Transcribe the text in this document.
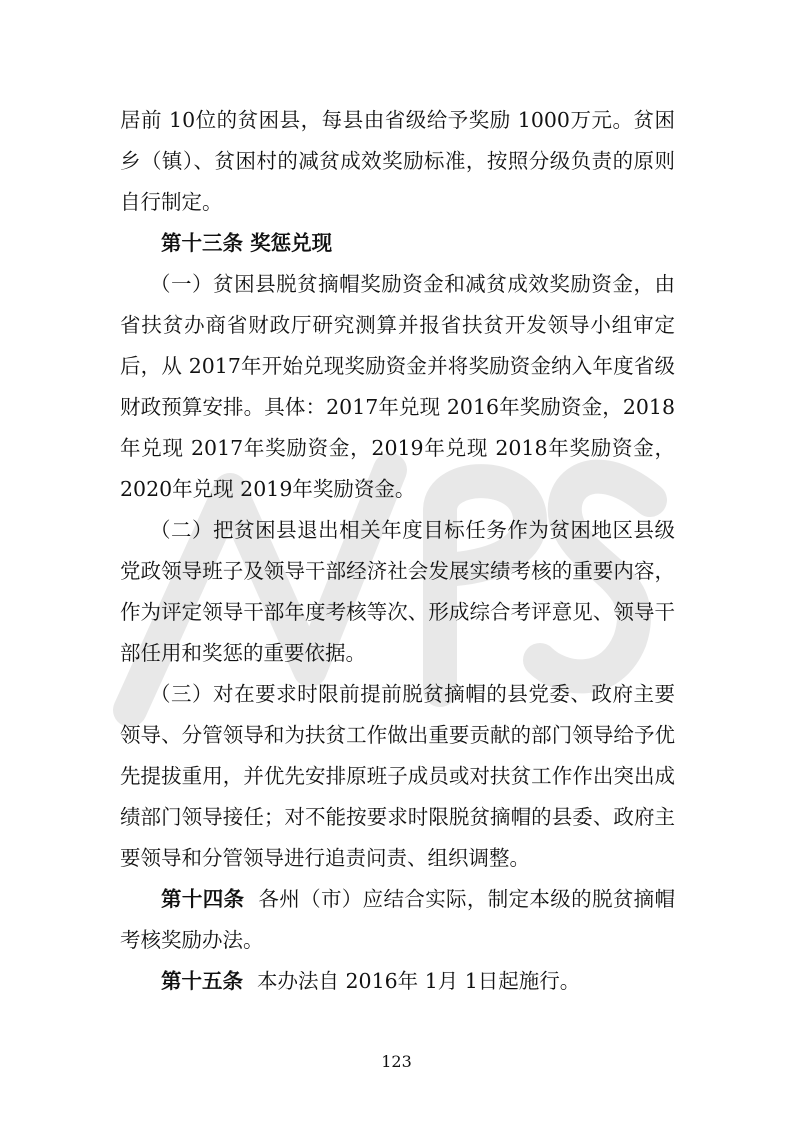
居前 10位的贫困县，每县由省级给予奖励 1000万元。贫困乡（镇）、贫困村的减贫成效奖励标准，按照分级负责的原则自行制定。

第十三条 奖惩兑现

（一）贫困县脱贫摘帽奖励资金和减贫成效奖励资金，由省扶贫办商省财政厅研究测算并报省扶贫开发领导小组审定后，从 2017年开始兑现奖励资金并将奖励资金纳入年度省级财政预算安排。具体：2017年兑现 2016年奖励资金，2018年兑现 2017年奖励资金，2019年兑现 2018年奖励资金，2020年兑现 2019年奖励资金。

（二）把贫困县退出相关年度目标任务作为贫困地区县级党政领导班子及领导干部经济社会发展实绩考核的重要内容，作为评定领导干部年度考核等次、形成综合考评意见、领导干部任用和奖惩的重要依据。

（三）对在要求时限前提前脱贫摘帽的县党委、政府主要领导、分管领导和为扶贫工作做出重要贡献的部门领导给予优先提拔重用，并优先安排原班子成员或对扶贫工作作出突出成绩部门领导接任；对不能按要求时限脱贫摘帽的县委、政府主要领导和分管领导进行追责问责、组织调整。

第十四条 各州（市）应结合实际，制定本级的脱贫摘帽考核奖励办法。

第十五条 本办法自 2016年 1月 1日起施行。

123
